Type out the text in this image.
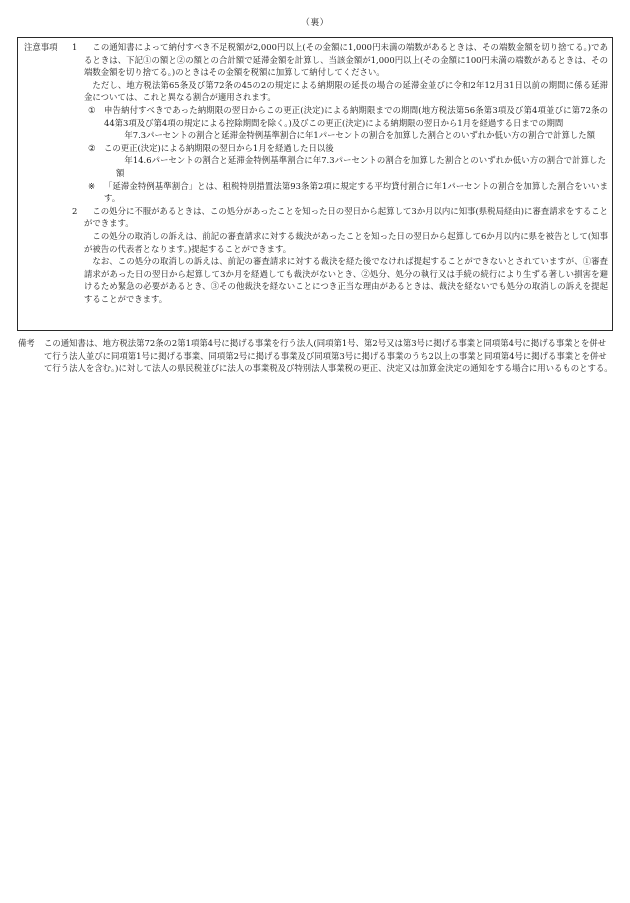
（裏）
注意事項 1	この通知書によって納付すべき不足税額が2,000円以上(その金額に1,000円未満の端数があるときは、その端数金額を切り捨てる。)であるときは、下記①の額と②の額との合計額で延滞金額を計算し、当該金額が1,000円以上(その金額に100円未満の端数があるときは、その端数金額を切り捨てる。)のときはその金額を税額に加算して納付してください。

ただし、地方税法第65条及び第72条の45の2の規定による納期限の延長の場合の延滞金並びに令和2年12月31日以前の期間に係る延滞金については、これと異なる割合が適用されます。

①	申告納付すべきであった納期限の翌日からこの更正(決定)による納期限までの期間(地方税法第56条第3項及び第4項並びに第72条の44第3項及び第4項の規定による控除期間を除く。)及びこの更正(決定)による納期限の翌日から1月を経過する日までの期間

年7.3パーセントの割合と延滞金特例基準割合に年1パーセントの割合を加算した割合とのいずれか低い方の割合で計算した額

②	この更正(決定)による納期限の翌日から1月を経過した日以後

年14.6パーセントの割合と延滞金特例基準割合に年7.3パーセントの割合を加算した割合とのいずれか低い方の割合で計算した額

※	「延滞金特例基準割合」とは、租税特別措置法第93条第2項に規定する平均貸付割合に年1パーセントの割合を加算した割合をいいます。

2	この処分に不服があるときは、この処分があったことを知った日の翌日から起算して3か月以内に知事(県税局経由)に審査請求をすることができます。

この処分の取消しの訴えは、前記の審査請求に対する裁決があったことを知った日の翌日から起算して6か月以内に県を被告として(知事が被告の代表者となります。)提起することができます。

なお、この処分の取消しの訴えは、前記の審査請求に対する裁決を経た後でなければ提起することができないとされていますが、①審査請求があった日の翌日から起算して3か月を経過しても裁決がないとき、②処分、処分の執行又は手続の続行により生ずる著しい損害を避けるため緊急の必要があるとき、③その他裁決を経ないことにつき正当な理由があるときは、裁決を経ないでも処分の取消しの訴えを提起することができます。

備考	この通知書は、地方税法第72条の2第1項第4号に掲げる事業を行う法人(同項第1号、第2号又は第3号に掲げる事業と同項第4号に掲げる事業とを併せて行う法人並びに同項第1号に掲げる事業、同項第2号に掲げる事業及び同項第3号に掲げる事業のうち2以上の事業と同項第4号に掲げる事業とを併せて行う法人を含む。)に対して法人の県民税並びに法人の事業税及び特別法人事業税の更正、決定又は加算金決定の通知をする場合に用いるものとする。
